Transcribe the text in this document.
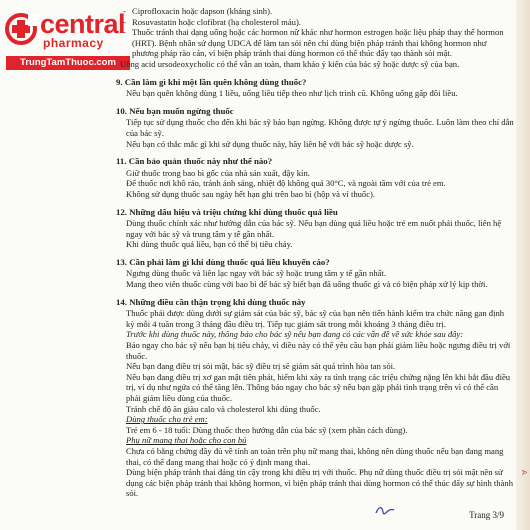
A
central
pharmacy
TrungTamThuoc.com

- Ciprofloxacin hoặc dapson (kháng sinh).

- Rosuvastatin hoặc clofibrat (hạ cholesterol máu).

- Thuốc tránh thai dạng uống hoặc các hormon nữ khác như hormon estrogen hoặc liệu pháp thay thế hormon (HRT). Bệnh nhân sử dụng UDCA để làm tan sỏi nên chỉ dùng biện pháp tránh thai không hormon như phương pháp rào cản, vì biện pháp tránh thai dùng hormon có thể thúc đẩy tạo thành sỏi mật.

Uống acid ursodeoxycholic có thể vẫn an toàn, tham khảo ý kiến của bác sỹ hoặc dược sỹ của bạn.

9. Cần làm gì khi một lần quên không dùng thuốc?

Nếu bạn quên không dùng 1 liều, uống liều tiếp theo như lịch trình cũ. Không uống gấp đôi liều.

10. Nếu bạn muốn ngừng thuốc

Tiếp tục sử dụng thuốc cho đến khi bác sỹ bảo bạn ngừng. Không được tự ý ngừng thuốc. Luôn làm theo chỉ dẫn của bác sỹ.

Nếu bạn có thắc mắc gì khi sử dụng thuốc này, hãy liên hệ với bác sỹ hoặc dược sỹ.

11. Cần bảo quản thuốc này như thế nào?

Giữ thuốc trong bao bì gốc của nhà sản xuất, đậy kín.

Để thuốc nơi khô ráo, tránh ánh sáng, nhiệt độ không quá 30°C, và ngoài tầm với của trẻ em.

Không sử dụng thuốc sau ngày hết hạn ghi trên bao bì (hộp và vỉ thuốc).

12. Những dấu hiệu và triệu chứng khi dùng thuốc quá liều

Dùng thuốc chính xác như hướng dẫn của bác sỹ. Nếu bạn dùng quá liều hoặc trẻ em nuốt phải thuốc, liên hệ ngay với bác sỹ và trung tâm y tế gần nhất.

Khi dùng thuốc quá liều, bạn có thể bị tiêu chảy.

13. Cần phải làm gì khi dùng thuốc quá liều khuyến cáo?

Ngưng dùng thuốc và liên lạc ngay với bác sỹ hoặc trung tâm y tế gần nhất.

Mang theo viên thuốc cùng với bao bì để bác sỹ biết bạn đã uống thuốc gì và có biện pháp xử lý kịp thời.

14. Những điều cần thận trọng khi dùng thuốc này

Thuốc phải được dùng dưới sự giám sát của bác sỹ, bác sỹ của bạn nên tiến hành kiểm tra chức năng gan định kỳ mỗi 4 tuần trong 3 tháng đầu điều trị. Tiếp tục giám sát trong mỗi khoảng 3 tháng điều trị.

Trước khi dùng thuốc này, thông báo cho bác sỹ nếu bạn đang có các vấn đề về sức khỏe sau đây:

Báo ngay cho bác sỹ nếu bạn bị tiêu chảy, vì điều này có thể yêu cầu bạn phải giảm liều hoặc ngưng điều trị với thuốc.

Nếu bạn đang điều trị sỏi mật, bác sỹ điều trị sẽ giám sát quá trình hòa tan sỏi.

Nếu bạn đang điều trị xơ gan mật tiên phát, hiếm khi xảy ra tình trạng các triệu chứng nặng lên khi bắt đầu điều trị, ví dụ như ngứa có thể tăng lên. Thông báo ngay cho bác sỹ nếu bạn gặp phải tình trạng trên vì có thể cần phải giảm liều dùng của thuốc.

Tránh chế độ ăn giàu calo và cholesterol khi dùng thuốc.

Dùng thuốc cho trẻ em:

Trẻ em 6 - 18 tuổi: Dùng thuốc theo hướng dẫn của bác sỹ (xem phần cách dùng).

Phụ nữ mang thai hoặc cho con bú

Chưa có bằng chứng đầy đủ về tính an toàn trên phụ nữ mang thai, không nên dùng thuốc nếu bạn đang mang thai, có thể đang mang thai hoặc có ý định mang thai.

Dùng biện pháp tránh thai đáng tin cậy trong khi điều trị với thuốc. Phụ nữ dùng thuốc điều trị sỏi mật nên sử dụng các biện pháp tránh thai không hormon, vì biện pháp tránh thai dùng hormon có thể thúc đẩy sự hình thành sỏi.

Trang 3/9
